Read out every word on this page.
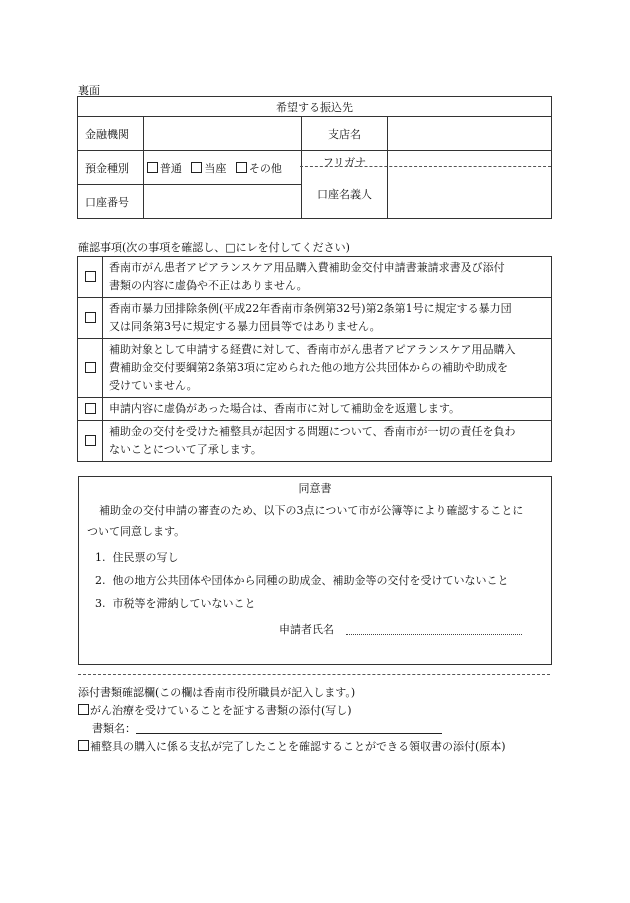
裏面
希望する振込先			
金融機関		支店名	
預金種別	普通 当座 その他	フリガナ
口座名義人	

口座番号			
確認事項(次の事項を確認し、□にレを付してください)

	香南市がん患者アピアランスケア用品購入費補助金交付申請書兼請求書及び添付
書類の内容に虚偽や不正はありません。

	香南市暴力団排除条例(平成22年香南市条例第32号)第2条第1号に規定する暴力団
又は同条第3号に規定する暴力団員等ではありません。

	補助対象として申請する経費に対して、香南市がん患者アピアランスケア用品購入
費補助金交付要綱第2条第3項に定められた他の地方公共団体からの補助や助成を
受けていません。

	申請内容に虚偽があった場合は、香南市に対して補助金を返還します。

	補助金の交付を受けた補整具が起因する問題について、香南市が一切の責任を負わ
ないことについて了承します。
同意書
補助金の交付申請の審査のため、以下の3点について市が公簿等により確認することに
ついて同意します。
1. 住民票の写し
2. 他の地方公共団体や団体から同種の助成金、補助金等の交付を受けていないこと
3. 市税等を滞納していないこと
申請者氏名
添付書類確認欄(この欄は香南市役所職員が記入します。)
がん治療を受けていることを証する書類の添付(写し)
書類名：
補整具の購入に係る支払が完了したことを確認することができる領収書の添付(原本)
